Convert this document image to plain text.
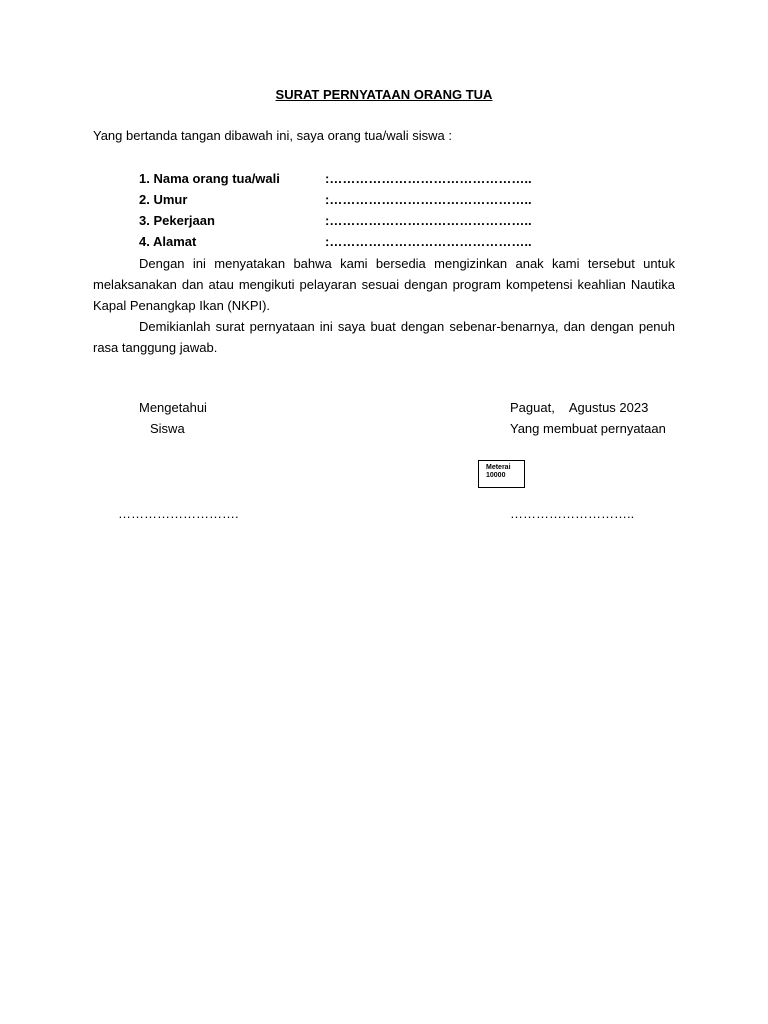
SURAT PERNYATAAN ORANG TUA
Yang bertanda tangan dibawah ini, saya orang tua/wali siswa :
1. Nama orang tua/wali	:………………………………………..
2. Umur	:………………………………………..
3. Pekerjaan	:………………………………………..
4. Alamat	:………………………………………..
Dengan ini menyatakan bahwa kami bersedia mengizinkan anak kami tersebut untuk melaksanakan dan atau mengikuti pelayaran sesuai dengan program kompetensi keahlian Nautika Kapal Penangkap Ikan (NKPI).
Demikianlah surat pernyataan ini saya buat dengan sebenar-benarnya, dan dengan penuh rasa tanggung jawab.
Mengetahui
Siswa
Paguat, Agustus 2023
Yang membuat pernyataan
Meterai
10000
……………………….	………………………..
